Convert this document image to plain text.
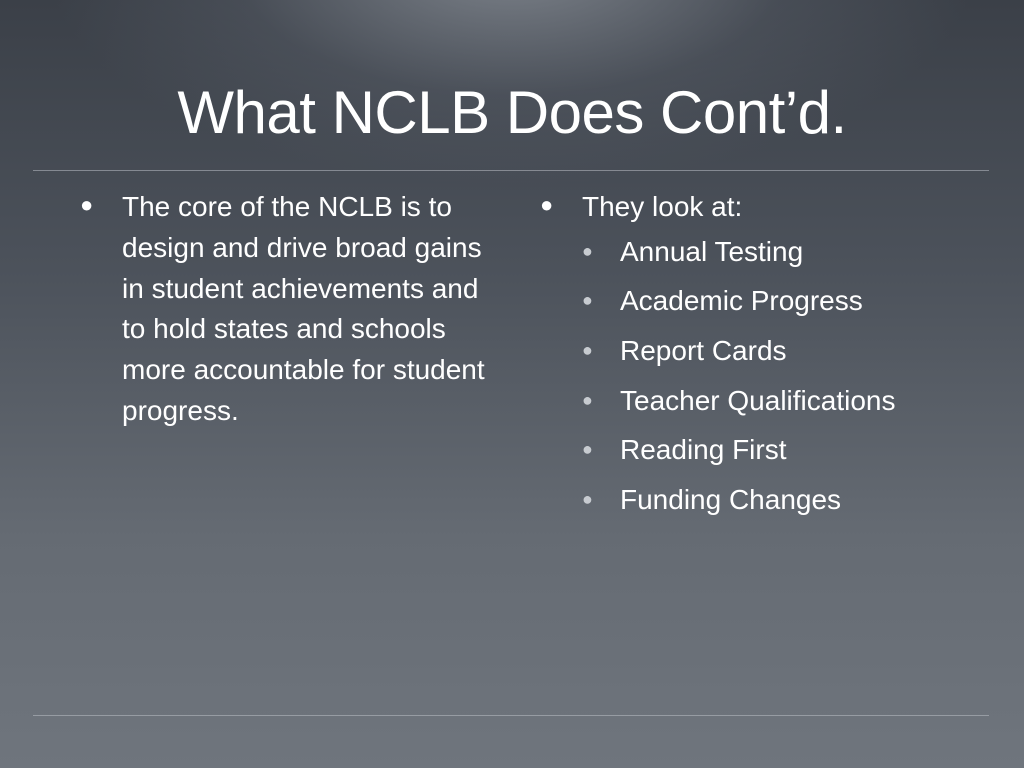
What NCLB Does Cont’d.
●	The core of the NCLB is to design and drive broad gains in student achievements and to hold states and schools more accountable for student progress.
●	They look at:
● Annual Testing
● Academic Progress
● Report Cards
● Teacher Qualifications
● Reading First
● Funding Changes
